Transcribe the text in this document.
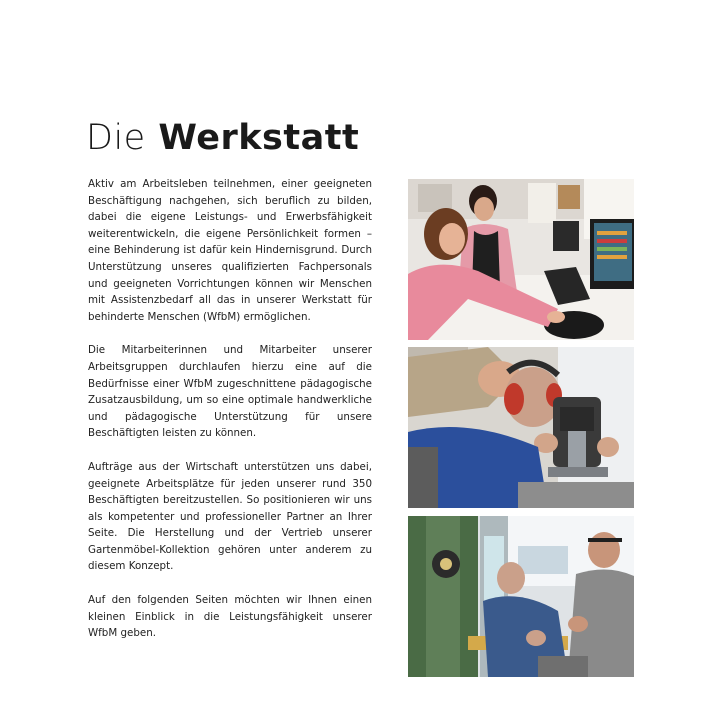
Die Werkstatt

Aktiv am Arbeitsleben teilnehmen, einer geeigneten Beschäftigung nachgehen, sich beruflich zu bilden, dabei die eigene Leistungs- und Erwerbsfähigkeit weiterentwickeln, die eigene Persönlichkeit formen – eine Behinderung ist dafür kein Hindernisgrund. Durch Unterstützung unseres qualifizierten Fachpersonals und geeigneten Vorrichtungen können wir Menschen mit Assistenzbedarf all das in unserer Werkstatt für behinderte Menschen (WfbM) ermöglichen.

Die Mitarbeiterinnen und Mitarbeiter unserer Arbeitsgruppen durchlaufen hierzu eine auf die Bedürfnisse einer WfbM zugeschnittene pädagogische Zusatzausbildung, um so eine optimale handwerkliche und pädagogische Unterstützung für unsere Beschäftigten leisten zu können.

Aufträge aus der Wirtschaft unterstützen uns dabei, geeignete Arbeitsplätze für jeden unserer rund 350 Beschäftigten bereitzustellen. So positionieren wir uns als kompetenter und professioneller Partner an Ihrer Seite. Die Herstellung und der Vertrieb unserer Gartenmöbel-Kollektion gehören unter anderem zu diesem Konzept.

Auf den folgenden Seiten möchten wir Ihnen einen kleinen Einblick in die Leistungsfähigkeit unserer WfbM geben.
